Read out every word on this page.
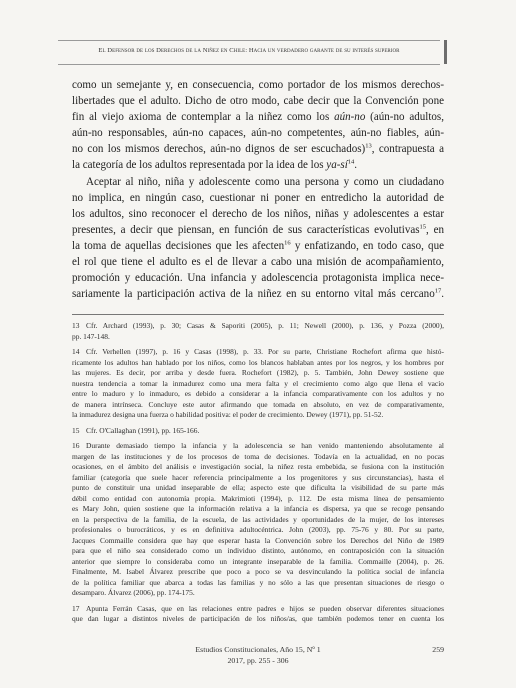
El Defensor de los Derechos de la Niñez en Chile: Hacia un verdadero garante de su interés superior

como un semejante y, en consecuencia, como portador de los mismos derechos-
libertades que el adulto. Dicho de otro modo, cabe decir que la Convención pone
fin al viejo axioma de contemplar a la niñez como los aún-no (aún-no adultos,
aún-no responsables, aún-no capaces, aún-no competentes, aún-no fiables, aún-
no con los mismos derechos, aún-no dignos de ser escuchados)$^{13}$, contrapuesta a
la categoría de los adultos representada por la idea de los $ya-sí^{14}$.

Aceptar al niño, niña y adolescente como una persona y como un ciudadano
no implica, en ningún caso, cuestionar ni poner en entredicho la autoridad de
los adultos, sino reconocer el derecho de los niños, niñas y adolescentes a estar
presentes, a decir que piensan, en función de sus características evolutivas$^{15}$, en
la toma de aquellas decisiones que les afecten$^{16}$ y enfatizando, en todo caso, que
el rol que tiene el adulto es el de llevar a cabo una misión de acompañamiento,
promoción y educación. Una infancia y adolescencia protagonista implica nece-
sariamente la participación activa de la niñez en su entorno vital más cercano$^{17}$.

13 Cfr. Archard (1993), p. 30; Casas & Saporiti (2005), p. 11; Newell (2000), p. 136, y Pozza (2000),
pp. 147-148.
14 Cfr. Verhellen (1997), p. 16 y Casas (1998), p. 33. Por su parte, Christiane Rochefort afirma que histó-
ricamente los adultos han hablado por los niños, como los blancos hablaban antes por los negros, y los hombres por
las mujeres. Es decir, por arriba y desde fuera. Rochefort (1982), p. 5. También, John Dewey sostiene que
nuestra tendencia a tomar la inmadurez como una mera falta y el crecimiento como algo que llena el vacío
entre lo maduro y lo inmaduro, es debido a considerar a la infancia comparativamente con los adultos y no
de manera intrínseca. Concluye este autor afirmando que tomada en absoluto, en vez de comparativamente,
la inmadurez designa una fuerza o habilidad positiva: el poder de crecimiento. Dewey (1971), pp. 51-52.
15 Cfr. O'Callaghan (1991), pp. 165-166.
16 Durante demasiado tiempo la infancia y la adolescencia se han venido manteniendo absolutamente al
margen de las instituciones y de los procesos de toma de decisiones. Todavía en la actualidad, en no pocas
ocasiones, en el ámbito del análisis e investigación social, la niñez resta embebida, se fusiona con la institución
familiar (categoría que suele hacer referencia principalmente a los progenitores y sus circunstancias), hasta el
punto de constituir una unidad inseparable de ella; aspecto este que dificulta la visibilidad de su parte más
débil como entidad con autonomía propia. Makrimioti (1994), p. 112. De esta misma línea de pensamiento
es Mary John, quien sostiene que la información relativa a la infancia es dispersa, ya que se recoge pensando
en la perspectiva de la familia, de la escuela, de las actividades y oportunidades de la mujer, de los intereses
profesionales o burocráticos, y es en definitiva adultocéntrica. John (2003), pp. 75-76 y 80. Por su parte,
Jacques Commaille considera que hay que esperar hasta la Convención sobre los Derechos del Niño de 1989
para que el niño sea considerado como un individuo distinto, autónomo, en contraposición con la situación
anterior que siempre lo consideraba como un integrante inseparable de la familia. Commaille (2004), p. 26.
Finalmente, M. Isabel Álvarez prescribe que poco a poco se va desvinculando la política social de infancia
de la política familiar que abarca a todas las familias y no sólo a las que presentan situaciones de riesgo o
desamparo. Álvarez (2006), pp. 174-175.
17 Apunta Ferrán Casas, que en las relaciones entre padres e hijos se pueden observar diferentes situaciones
que dan lugar a distintos niveles de participación de los niños/as, que también podemos tener en cuenta los
Estudios Constitucionales, Año 15, Nº 1
2017, pp. 255 - 306
259
